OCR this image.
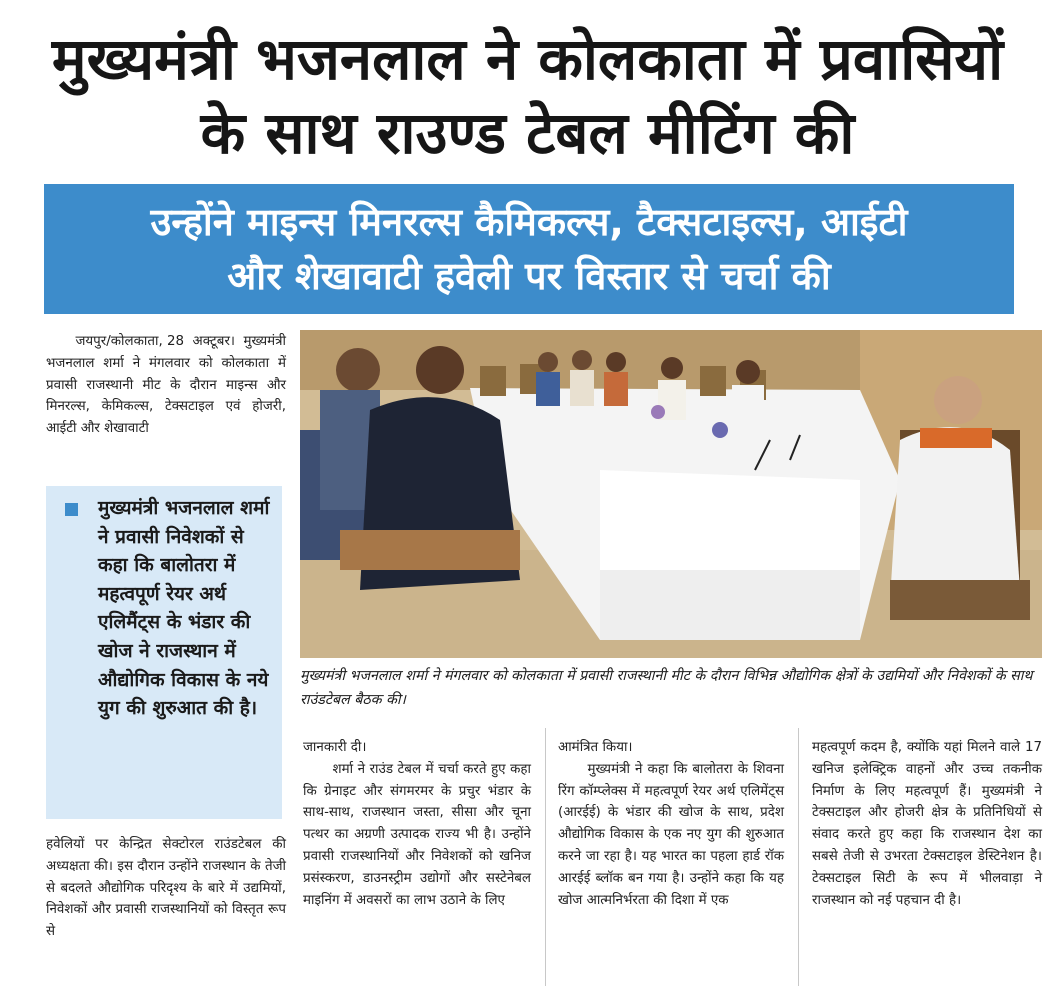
मुख्यमंत्री भजनलाल ने कोलकाता में प्रवासियों
के साथ राउण्ड टेबल मीटिंग की
उन्होंने माइन्स मिनरल्स कैमिकल्स, टैक्सटाइल्स, आईटी
और शेखावाटी हवेली पर विस्तार से चर्चा की

जयपुर/कोलकाता, 28 अक्टूबर। मुख्यमंत्री भजनलाल शर्मा ने मंगलवार को कोलकाता में प्रवासी राजस्थानी मीट के दौरान माइन्स और मिनरल्स, केमिकल्स, टेक्सटाइल एवं होजरी, आईटी और शेखावाटी

मुख्यमंत्री भजनलाल शर्मा ने प्रवासी निवेशकों से कहा कि बालोतरा में महत्वपूर्ण रेयर अर्थ एलिमैंट्स के भंडार की खोज ने राजस्थान में औद्योगिक विकास के नये युग की शुरुआत की है।
हवेलियों पर केन्द्रित सेक्टोरल राउंडटेबल की अध्यक्षता की। इस दौरान उन्होंने राजस्थान के तेजी से बदलते औद्योगिक परिदृश्य के बारे में उद्यमियों, निवेशकों और प्रवासी राजस्थानियों को विस्तृत रूप से
मुख्यमंत्री भजनलाल शर्मा ने मंगलवार को कोलकाता में प्रवासी राजस्थानी मीट के दौरान विभिन्न औद्योगिक क्षेत्रों के उद्यमियों और निवेशकों के साथ राउंडटेबल बैठक की।

जानकारी दी।

शर्मा ने राउंड टेबल में चर्चा करते हुए कहा कि ग्रेनाइट और संगमरमर के प्रचुर भंडार के साथ-साथ, राजस्थान जस्ता, सीसा और चूना पत्थर का अग्रणी उत्पादक राज्य भी है। उन्होंने प्रवासी राजस्थानियों और निवेशकों को खनिज प्रसंस्करण, डाउनस्ट्रीम उद्योगों और सस्टेनेबल माइनिंग में अवसरों का लाभ उठाने के लिए

आमंत्रित किया।

मुख्यमंत्री ने कहा कि बालोतरा के शिवना रिंग कॉम्प्लेक्स में महत्वपूर्ण रेयर अर्थ एलिमेंट्स (आरईई) के भंडार की खोज के साथ, प्रदेश औद्योगिक विकास के एक नए युग की शुरुआत करने जा रहा है। यह भारत का पहला हार्ड रॉक आरईई ब्लॉक बन गया है। उन्होंने कहा कि यह खोज आत्मनिर्भरता की दिशा में एक

महत्वपूर्ण कदम है, क्योंकि यहां मिलने वाले 17 खनिज इलेक्ट्रिक वाहनों और उच्च तकनीक निर्माण के लिए महत्वपूर्ण हैं। मुख्यमंत्री ने टेक्सटाइल और होजरी क्षेत्र के प्रतिनिधियों से संवाद करते हुए कहा कि राजस्थान देश का सबसे तेजी से उभरता टेक्सटाइल डेस्टिनेशन है। टेक्सटाइल सिटी के रूप में भीलवाड़ा ने राजस्थान को नई पहचान दी है।
